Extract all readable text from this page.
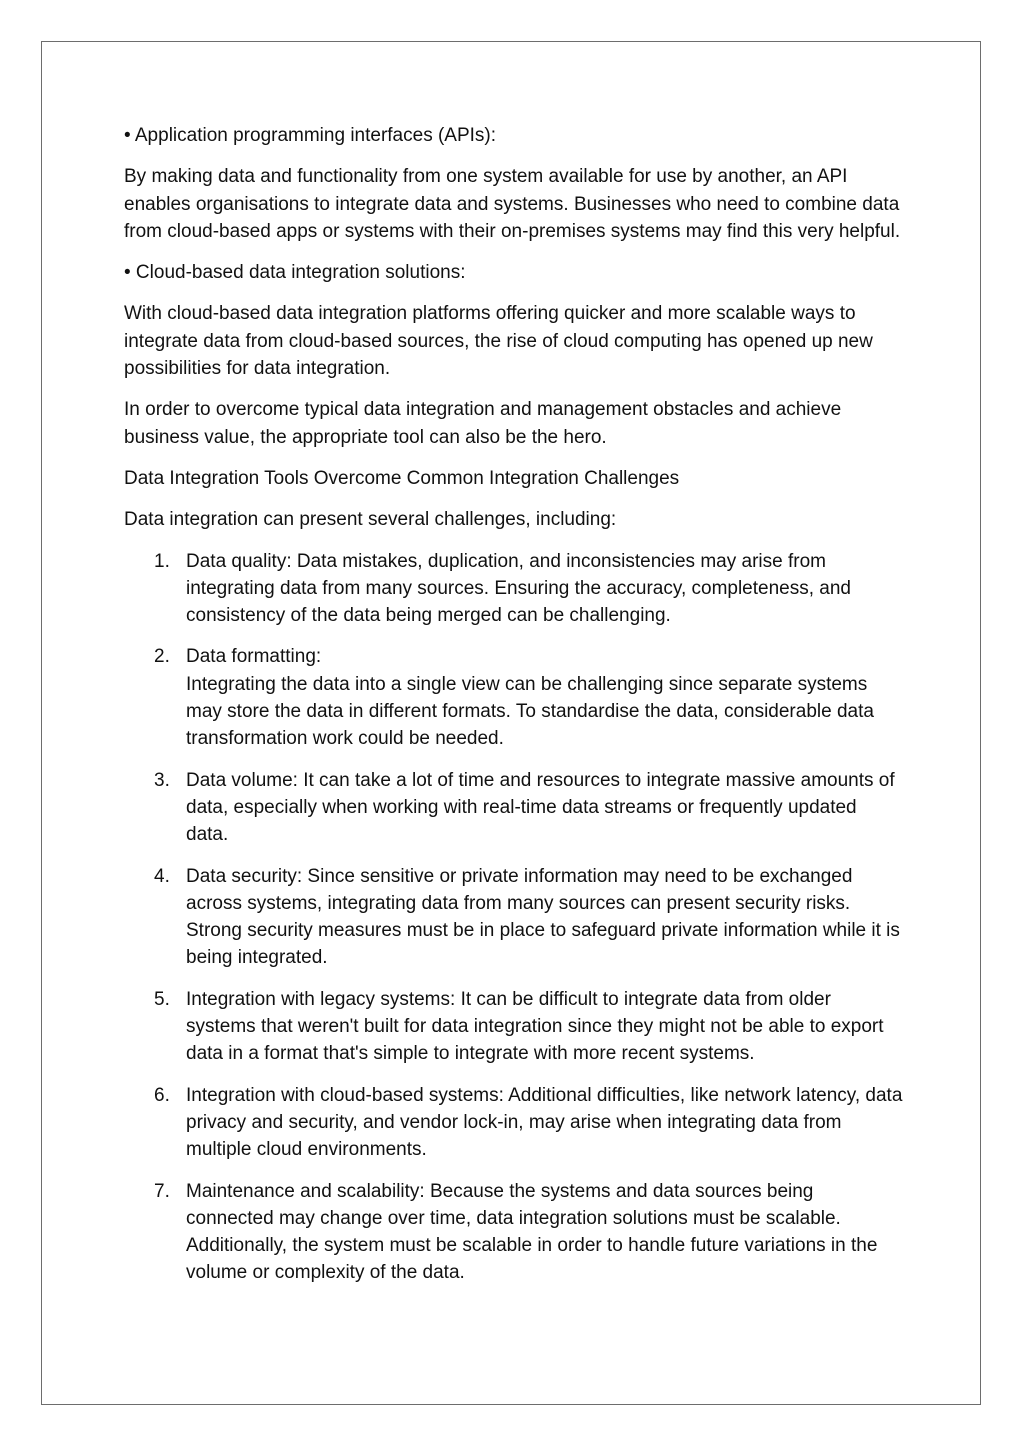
• Application programming interfaces (APIs):

By making data and functionality from one system available for use by another, an API enables organisations to integrate data and systems. Businesses who need to combine data from cloud-based apps or systems with their on-premises systems may find this very helpful.

• Cloud-based data integration solutions:

With cloud-based data integration platforms offering quicker and more scalable ways to integrate data from cloud-based sources, the rise of cloud computing has opened up new possibilities for data integration.

In order to overcome typical data integration and management obstacles and achieve business value, the appropriate tool can also be the hero.

Data Integration Tools Overcome Common Integration Challenges

Data integration can present several challenges, including:

1. Data quality: Data mistakes, duplication, and inconsistencies may arise from integrating data from many sources. Ensuring the accuracy, completeness, and consistency of the data being merged can be challenging.
2. Data formatting:
Integrating the data into a single view can be challenging since separate systems may store the data in different formats. To standardise the data, considerable data transformation work could be needed.
3. Data volume: It can take a lot of time and resources to integrate massive amounts of data, especially when working with real-time data streams or frequently updated data.
4. Data security: Since sensitive or private information may need to be exchanged across systems, integrating data from many sources can present security risks. Strong security measures must be in place to safeguard private information while it is being integrated.
5. Integration with legacy systems: It can be difficult to integrate data from older systems that weren't built for data integration since they might not be able to export data in a format that's simple to integrate with more recent systems.
6. Integration with cloud-based systems: Additional difficulties, like network latency, data privacy and security, and vendor lock-in, may arise when integrating data from multiple cloud environments.
7. Maintenance and scalability: Because the systems and data sources being connected may change over time, data integration solutions must be scalable. Additionally, the system must be scalable in order to handle future variations in the volume or complexity of the data.
